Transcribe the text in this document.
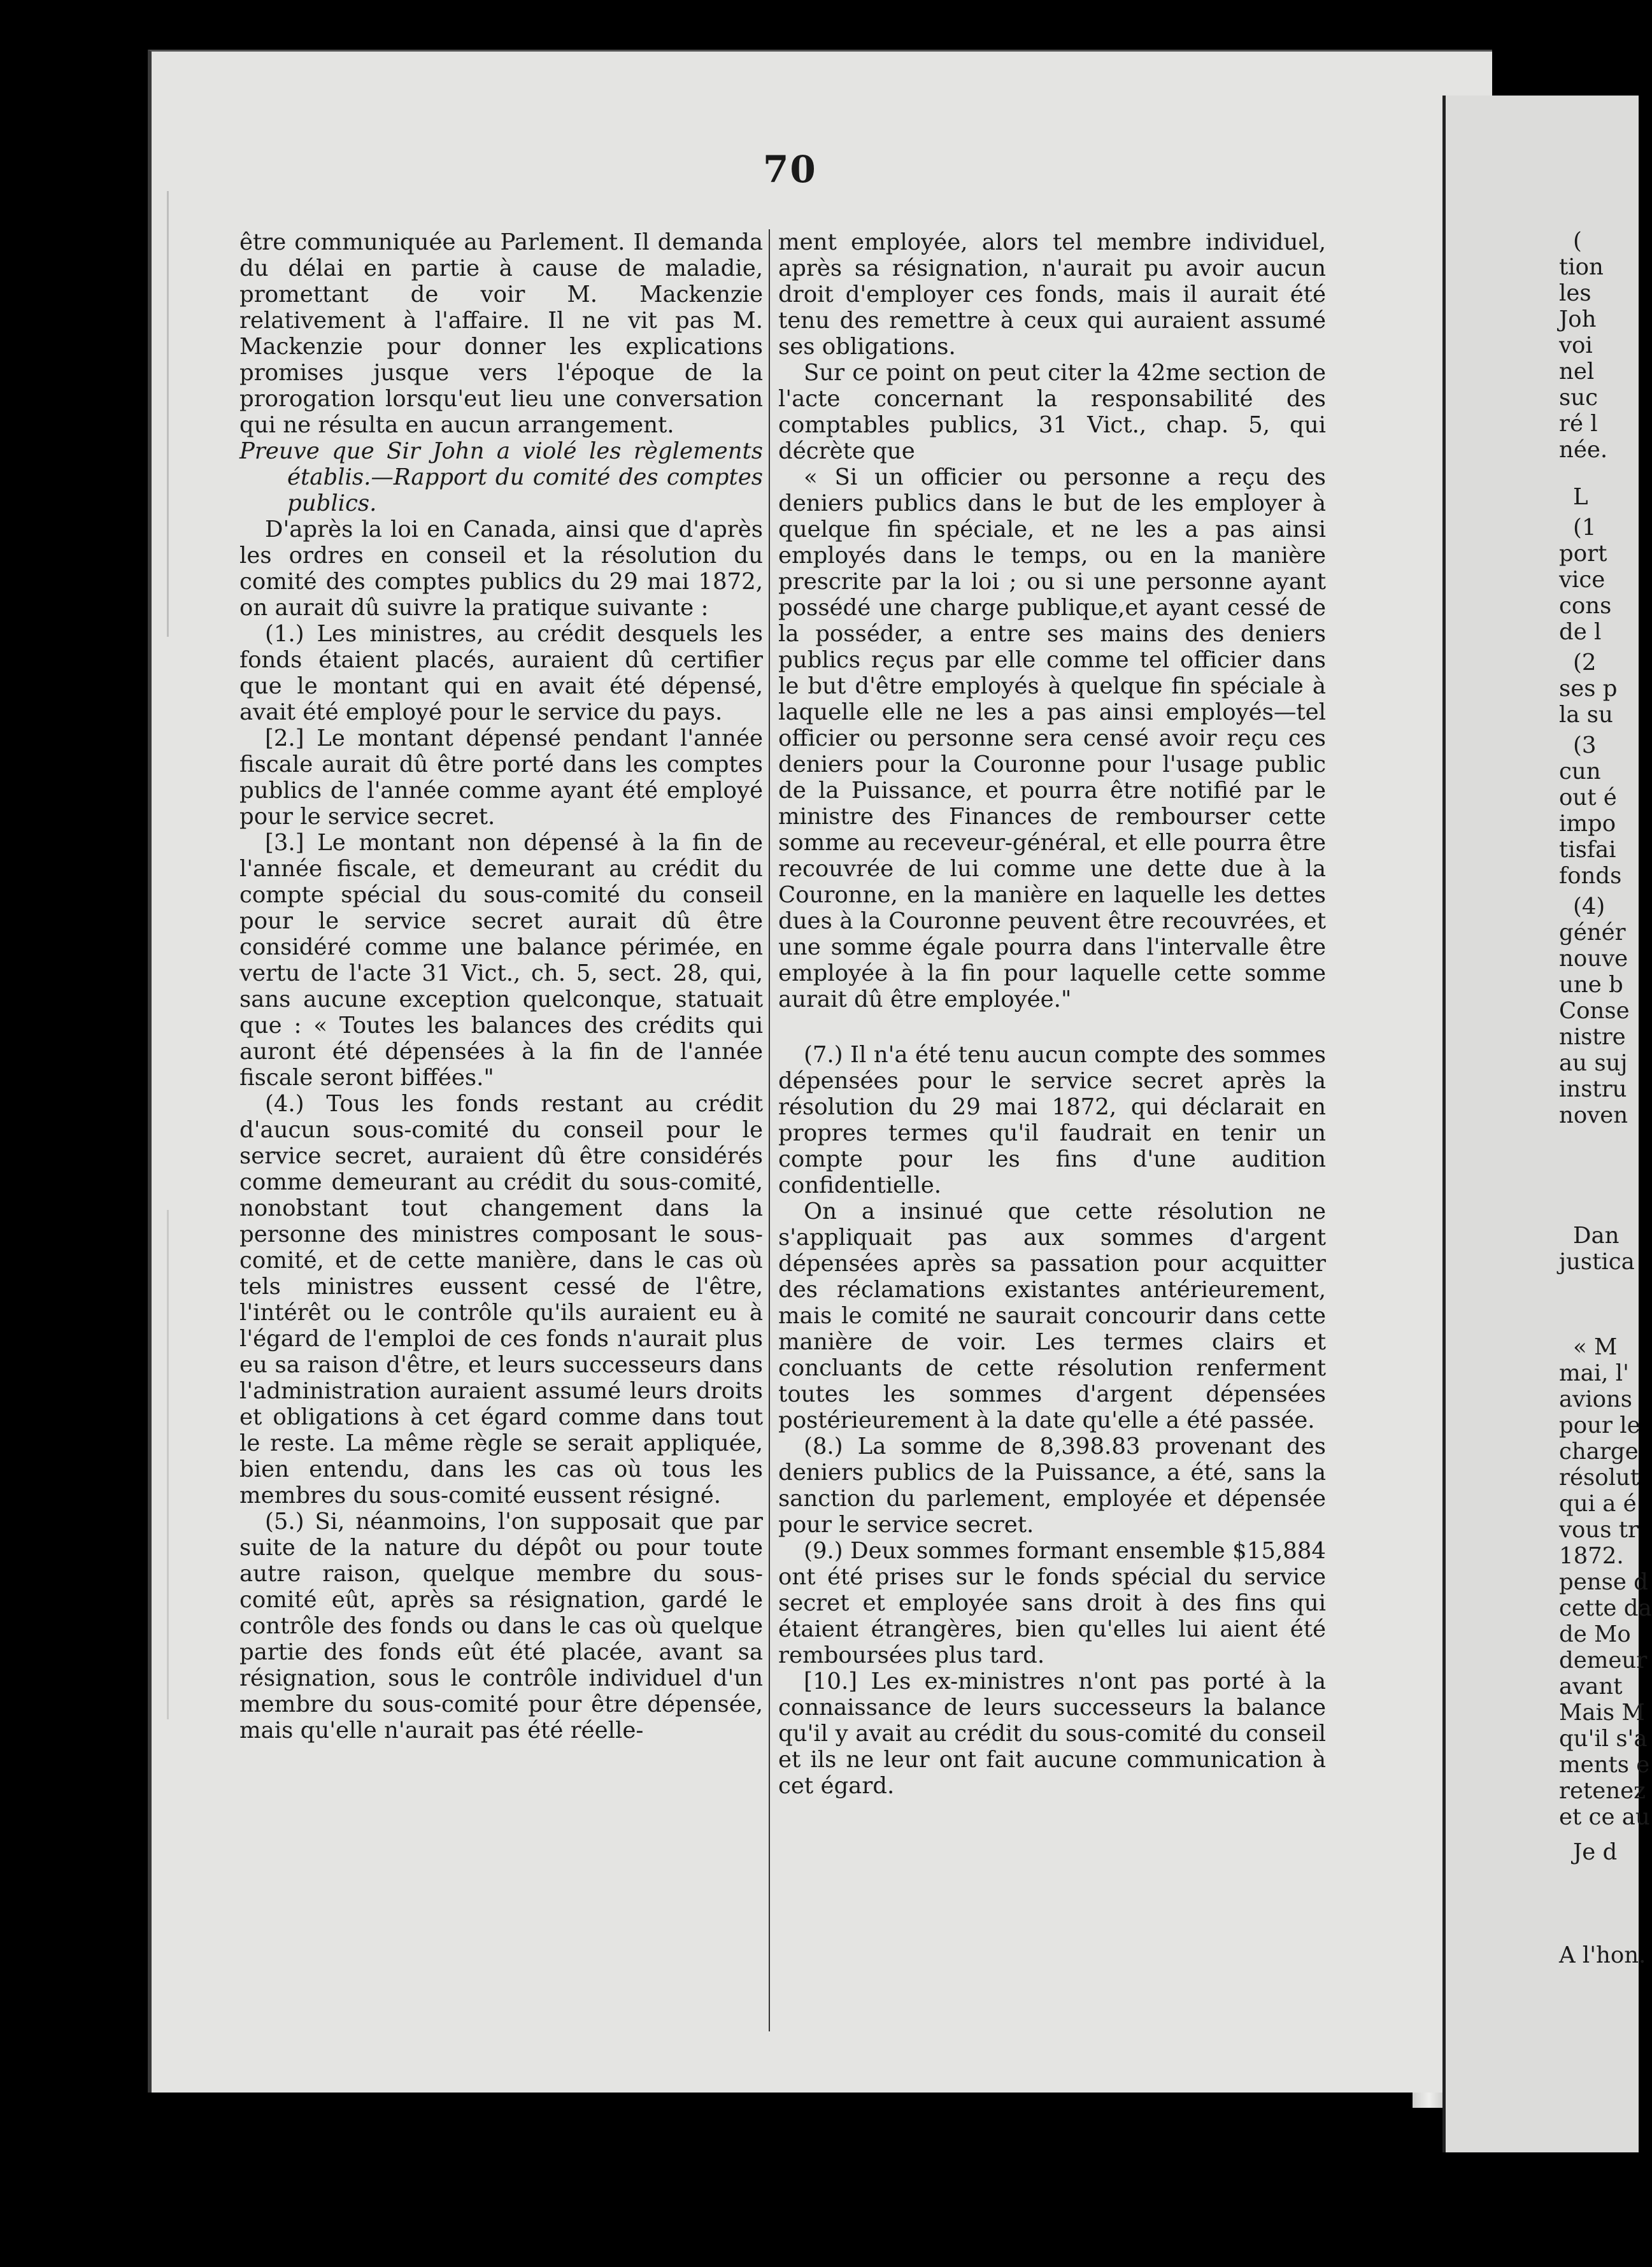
70

être communiquée au Parlement. Il demanda du délai en partie à cause de maladie, promettant de voir M. Mackenzie relativement à l'affaire. Il ne vit pas M. Mackenzie pour donner les explications promises jusque vers l'époque de la prorogation lorsqu'eut lieu une conversation qui ne résulta en aucun arrangement.

Preuve que Sir John a violé les règlements établis.—Rapport du comité des comptes publics.

D'après la loi en Canada, ainsi que d'après les ordres en conseil et la résolution du comité des comptes publics du 29 mai 1872, on aurait dû suivre la pratique suivante :

(1.) Les ministres, au crédit desquels les fonds étaient placés, auraient dû certifier que le montant qui en avait été dépensé, avait été employé pour le service du pays.

[2.] Le montant dépensé pendant l'année fiscale aurait dû être porté dans les comptes publics de l'année comme ayant été employé pour le service secret.

[3.] Le montant non dépensé à la fin de l'année fiscale, et demeurant au crédit du compte spécial du sous-comité du conseil pour le service secret aurait dû être considéré comme une balance périmée, en vertu de l'acte 31 Vict., ch. 5, sect. 28, qui, sans aucune exception quelconque, statuait que : « Toutes les balances des crédits qui auront été dépensées à la fin de l'année fiscale seront biffées."

(4.) Tous les fonds restant au crédit d'aucun sous-comité du conseil pour le service secret, auraient dû être considérés comme demeurant au crédit du sous-comité, nonobstant tout changement dans la personne des ministres composant le sous-comité, et de cette manière, dans le cas où tels ministres eussent cessé de l'être, l'intérêt ou le contrôle qu'ils auraient eu à l'égard de l'emploi de ces fonds n'aurait plus eu sa raison d'être, et leurs successeurs dans l'administration auraient assumé leurs droits et obligations à cet égard comme dans tout le reste. La même règle se serait appliquée, bien entendu, dans les cas où tous les membres du sous-comité eussent résigné.

(5.) Si, néanmoins, l'on supposait que par suite de la nature du dépôt ou pour toute autre raison, quelque membre du sous-comité eût, après sa résignation, gardé le contrôle des fonds ou dans le cas où quelque partie des fonds eût été placée, avant sa résignation, sous le contrôle individuel d'un membre du sous-comité pour être dépensée, mais qu'elle n'aurait pas été réelle-

ment employée, alors tel membre individuel, après sa résignation, n'aurait pu avoir aucun droit d'employer ces fonds, mais il aurait été tenu des remettre à ceux qui auraient assumé ses obligations.

Sur ce point on peut citer la 42me section de l'acte concernant la responsabilité des comptables publics, 31 Vict., chap. 5, qui décrète que

« Si un officier ou personne a reçu des deniers publics dans le but de les employer à quelque fin spéciale, et ne les a pas ainsi employés dans le temps, ou en la manière prescrite par la loi ; ou si une personne ayant possédé une charge publique,et ayant cessé de la posséder, a entre ses mains des deniers publics reçus par elle comme tel officier dans le but d'être employés à quelque fin spéciale à laquelle elle ne les a pas ainsi employés—tel officier ou personne sera censé avoir reçu ces deniers pour la Couronne pour l'usage public de la Puissance, et pourra être notifié par le ministre des Finances de rembourser cette somme au receveur-général, et elle pourra être recouvrée de lui comme une dette due à la Couronne, en la manière en laquelle les dettes dues à la Couronne peuvent être recouvrées, et une somme égale pourra dans l'intervalle être employée à la fin pour laquelle cette somme aurait dû être employée."

(7.) Il n'a été tenu aucun compte des sommes dépensées pour le service secret après la résolution du 29 mai 1872, qui déclarait en propres termes qu'il faudrait en tenir un compte pour les fins d'une audition confidentielle.

On a insinué que cette résolution ne s'appliquait pas aux sommes d'argent dépensées après sa passation pour acquitter des réclamations existantes antérieurement, mais le comité ne saurait concourir dans cette manière de voir. Les termes clairs et concluants de cette résolution renferment toutes les sommes d'argent dépensées postérieurement à la date qu'elle a été passée.

(8.) La somme de 8,398.83 provenant des deniers publics de la Puissance, a été, sans la sanction du parlement, employée et dépensée pour le service secret.

(9.) Deux sommes formant ensemble $15,884 ont été prises sur le fonds spécial du service secret et employée sans droit à des fins qui étaient étrangères, bien qu'elles lui aient été remboursées plus tard.

[10.] Les ex-ministres n'ont pas porté à la connaissance de leurs successeurs la balance qu'il y avait au crédit du sous-comité du conseil et ils ne leur ont fait aucune communication à cet égard.

(
tion
les
Joh
voi
nel
suc
ré l
née.
L
(1
port
vice
cons
de l
(2
ses p
la su
(3
cun
out é
impo
tisfai
fonds
(4)
génér
nouve
une b
Conse
nistre
au suj
instru
noven
Dan
justica
« M
mai, l'
avions
pour le
charge
résolut
qui a é
vous tr
1872.
pense d
cette da
de Mo
demeur
avant
Mais M
qu'il s'a
ments e
retenez
et ce au
Je d
A l'hon.
